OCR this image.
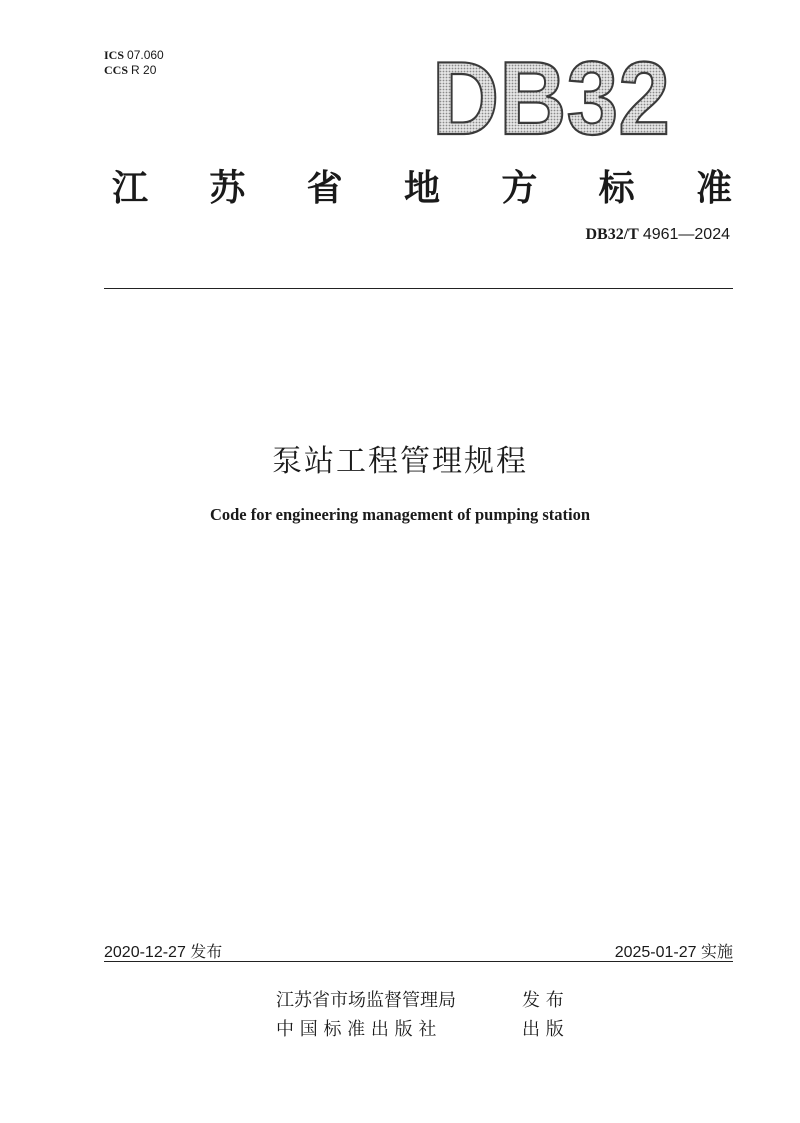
ICS 07.060
CCS R 20	DB32
江 苏 省 地 方 标 准
DB32/T 4961—2024
泵站工程管理规程
Code for engineering management of pumping station
2020-12-27 发布	2025-01-27 实施
江苏省市场监督管理局	发 布
中 国 标 准 出 版 社	出 版
